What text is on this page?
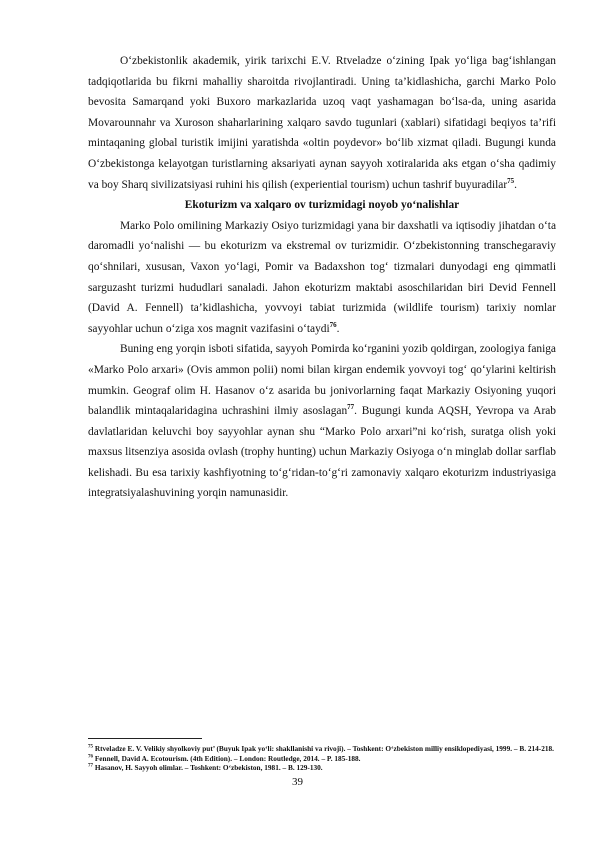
O‘zbekistonlik akademik, yirik tarixchi E.V. Rtveladze o‘zining Ipak yo‘liga bag‘ishlangan tadqiqotlarida bu fikrni mahalliy sharoitda rivojlantiradi. Uning ta’kidlashicha, garchi Marko Polo bevosita Samarqand yoki Buxoro markazlarida uzoq vaqt yashamagan bo‘lsa-da, uning asarida Movarounnahr va Xuroson shaharlarining xalqaro savdo tugunlari (xablari) sifatidagi beqiyos ta’rifi mintaqaning global turistik imijini yaratishda «oltin poydevor» bo‘lib xizmat qiladi. Bugungi kunda O‘zbekistonga kelayotgan turistlarning aksariyati aynan sayyoh xotiralarida aks etgan o‘sha qadimiy va boy Sharq sivilizatsiyasi ruhini his qilish (experiential tourism) uchun tashrif buyuradilar$^{75}$.

Ekoturizm va xalqaro ov turizmidagi noyob yo‘nalishlar

Marko Polo omilining Markaziy Osiyo turizmidagi yana bir daxshatli va iqtisodiy jihatdan o‘ta daromadli yo‘nalishi — bu ekoturizm va ekstremal ov turizmidir. O‘zbekistonning transchegaraviy qo‘shnilari, xususan, Vaxon yo‘lagi, Pomir va Badaxshon tog‘ tizmalari dunyodagi eng qimmatli sarguzasht turizmi hududlari sanaladi. Jahon ekoturizm maktabi asoschilaridan biri Devid Fennell (David A. Fennell) ta’kidlashicha, yovvoyi tabiat turizmida (wildlife tourism) tarixiy nomlar sayyohlar uchun o‘ziga xos magnit vazifasini o‘taydi$^{76}$.

Buning eng yorqin isboti sifatida, sayyoh Pomirda ko‘rganini yozib qoldirgan, zoologiya faniga «Marko Polo arxari» (Ovis ammon polii) nomi bilan kirgan endemik yovvoyi tog‘ qo‘ylarini keltirish mumkin. Geograf olim H. Hasanov o‘z asarida bu jonivorlarning faqat Markaziy Osiyoning yuqori balandlik mintaqalaridagina uchrashini ilmiy asoslagan$^{77}$. Bugungi kunda AQSH, Yevropa va Arab davlatlaridan keluvchi boy sayyohlar aynan shu “Marko Polo arxari”ni ko‘rish, suratga olish yoki maxsus litsenziya asosida ovlash (trophy hunting) uchun Markaziy Osiyoga o‘n minglab dollar sarflab kelishadi. Bu esa tarixiy kashfiyotning to‘g‘ridan-to‘g‘ri zamonaviy xalqaro ekoturizm industriyasiga integratsiyalashuvining yorqin namunasidir.

$^{75}$ Rtveladze E. V. Velikiy shyolkoviy put’ (Buyuk Ipak yo‘li: shakllanishi va rivoji). – Toshkent: O‘zbekiston milliy ensiklopediyasi, 1999. – B. 214-218.

$^{76}$ Fennell, David A. Ecotourism. (4th Edition). – London: Routledge, 2014. – P. 185-188.

$^{77}$ Hasanov, H. Sayyoh olimlar. – Toshkent: O‘zbekiston, 1981. – B. 129-130.

39
